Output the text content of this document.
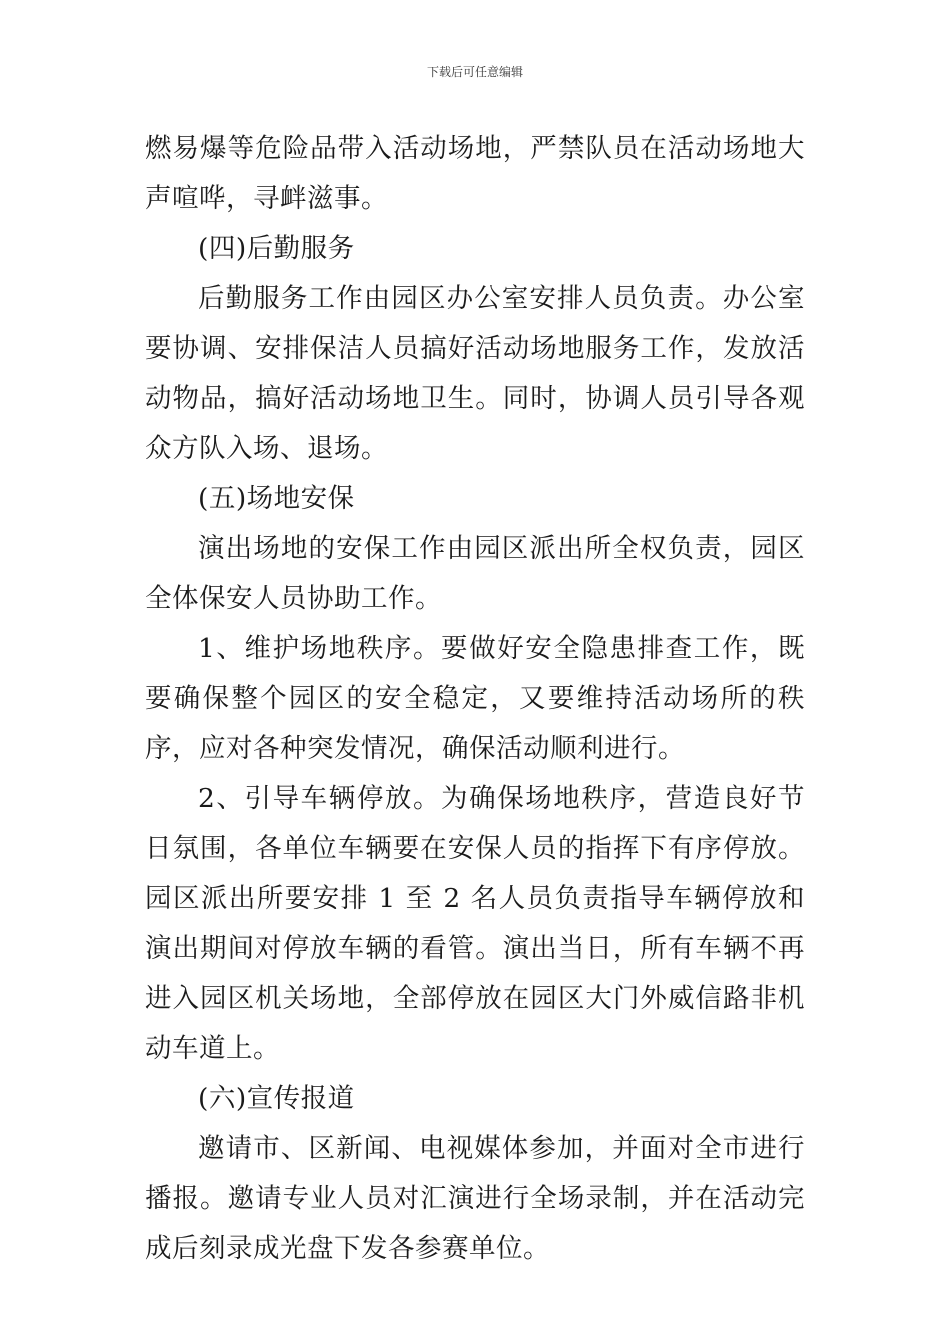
下载后可任意编辑

燃易爆等危险品带入活动场地，严禁队员在活动场地大声喧哗，寻衅滋事。

(四)后勤服务

后勤服务工作由园区办公室安排人员负责。办公室要协调、安排保洁人员搞好活动场地服务工作，发放活动物品，搞好活动场地卫生。同时，协调人员引导各观众方队入场、退场。

(五)场地安保

演出场地的安保工作由园区派出所全权负责，园区全体保安人员协助工作。

1、维护场地秩序。要做好安全隐患排查工作，既要确保整个园区的安全稳定，又要维持活动场所的秩序，应对各种突发情况，确保活动顺利进行。

2、引导车辆停放。为确保场地秩序，营造良好节日氛围，各单位车辆要在安保人员的指挥下有序停放。园区派出所要安排 1 至 2 名人员负责指导车辆停放和演出期间对停放车辆的看管。演出当日，所有车辆不再进入园区机关场地，全部停放在园区大门外威信路非机动车道上。

(六)宣传报道

邀请市、区新闻、电视媒体参加，并面对全市进行播报。邀请专业人员对汇演进行全场录制，并在活动完成后刻录成光盘下发各参赛单位。
